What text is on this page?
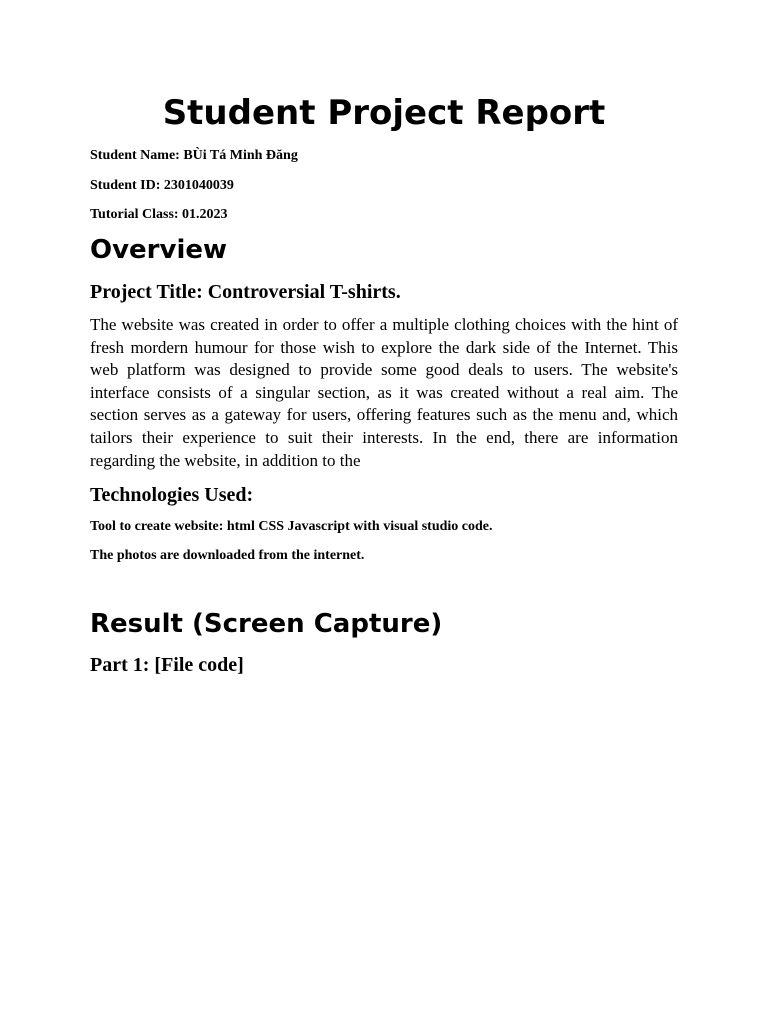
Student Project Report

Student Name: BÙi Tá Minh Đăng

Student ID: 2301040039

Tutorial Class: 01.2023

Overview
Project Title: Controversial T-shirts.

The website was created in order to offer a multiple clothing choices with the hint of fresh mordern humour for those wish to explore the dark side of the Internet. This web platform was designed to provide some good deals to users. The website's interface consists of a singular section, as it was created without a real aim. The section serves as a gateway for users, offering features such as the menu and, which tailors their experience to suit their interests. In the end, there are information regarding the website, in addition to the

Technologies Used:

Tool to create website: html CSS Javascript with visual studio code.

The photos are downloaded from the internet.

Result (Screen Capture)
Part 1: [File code]
